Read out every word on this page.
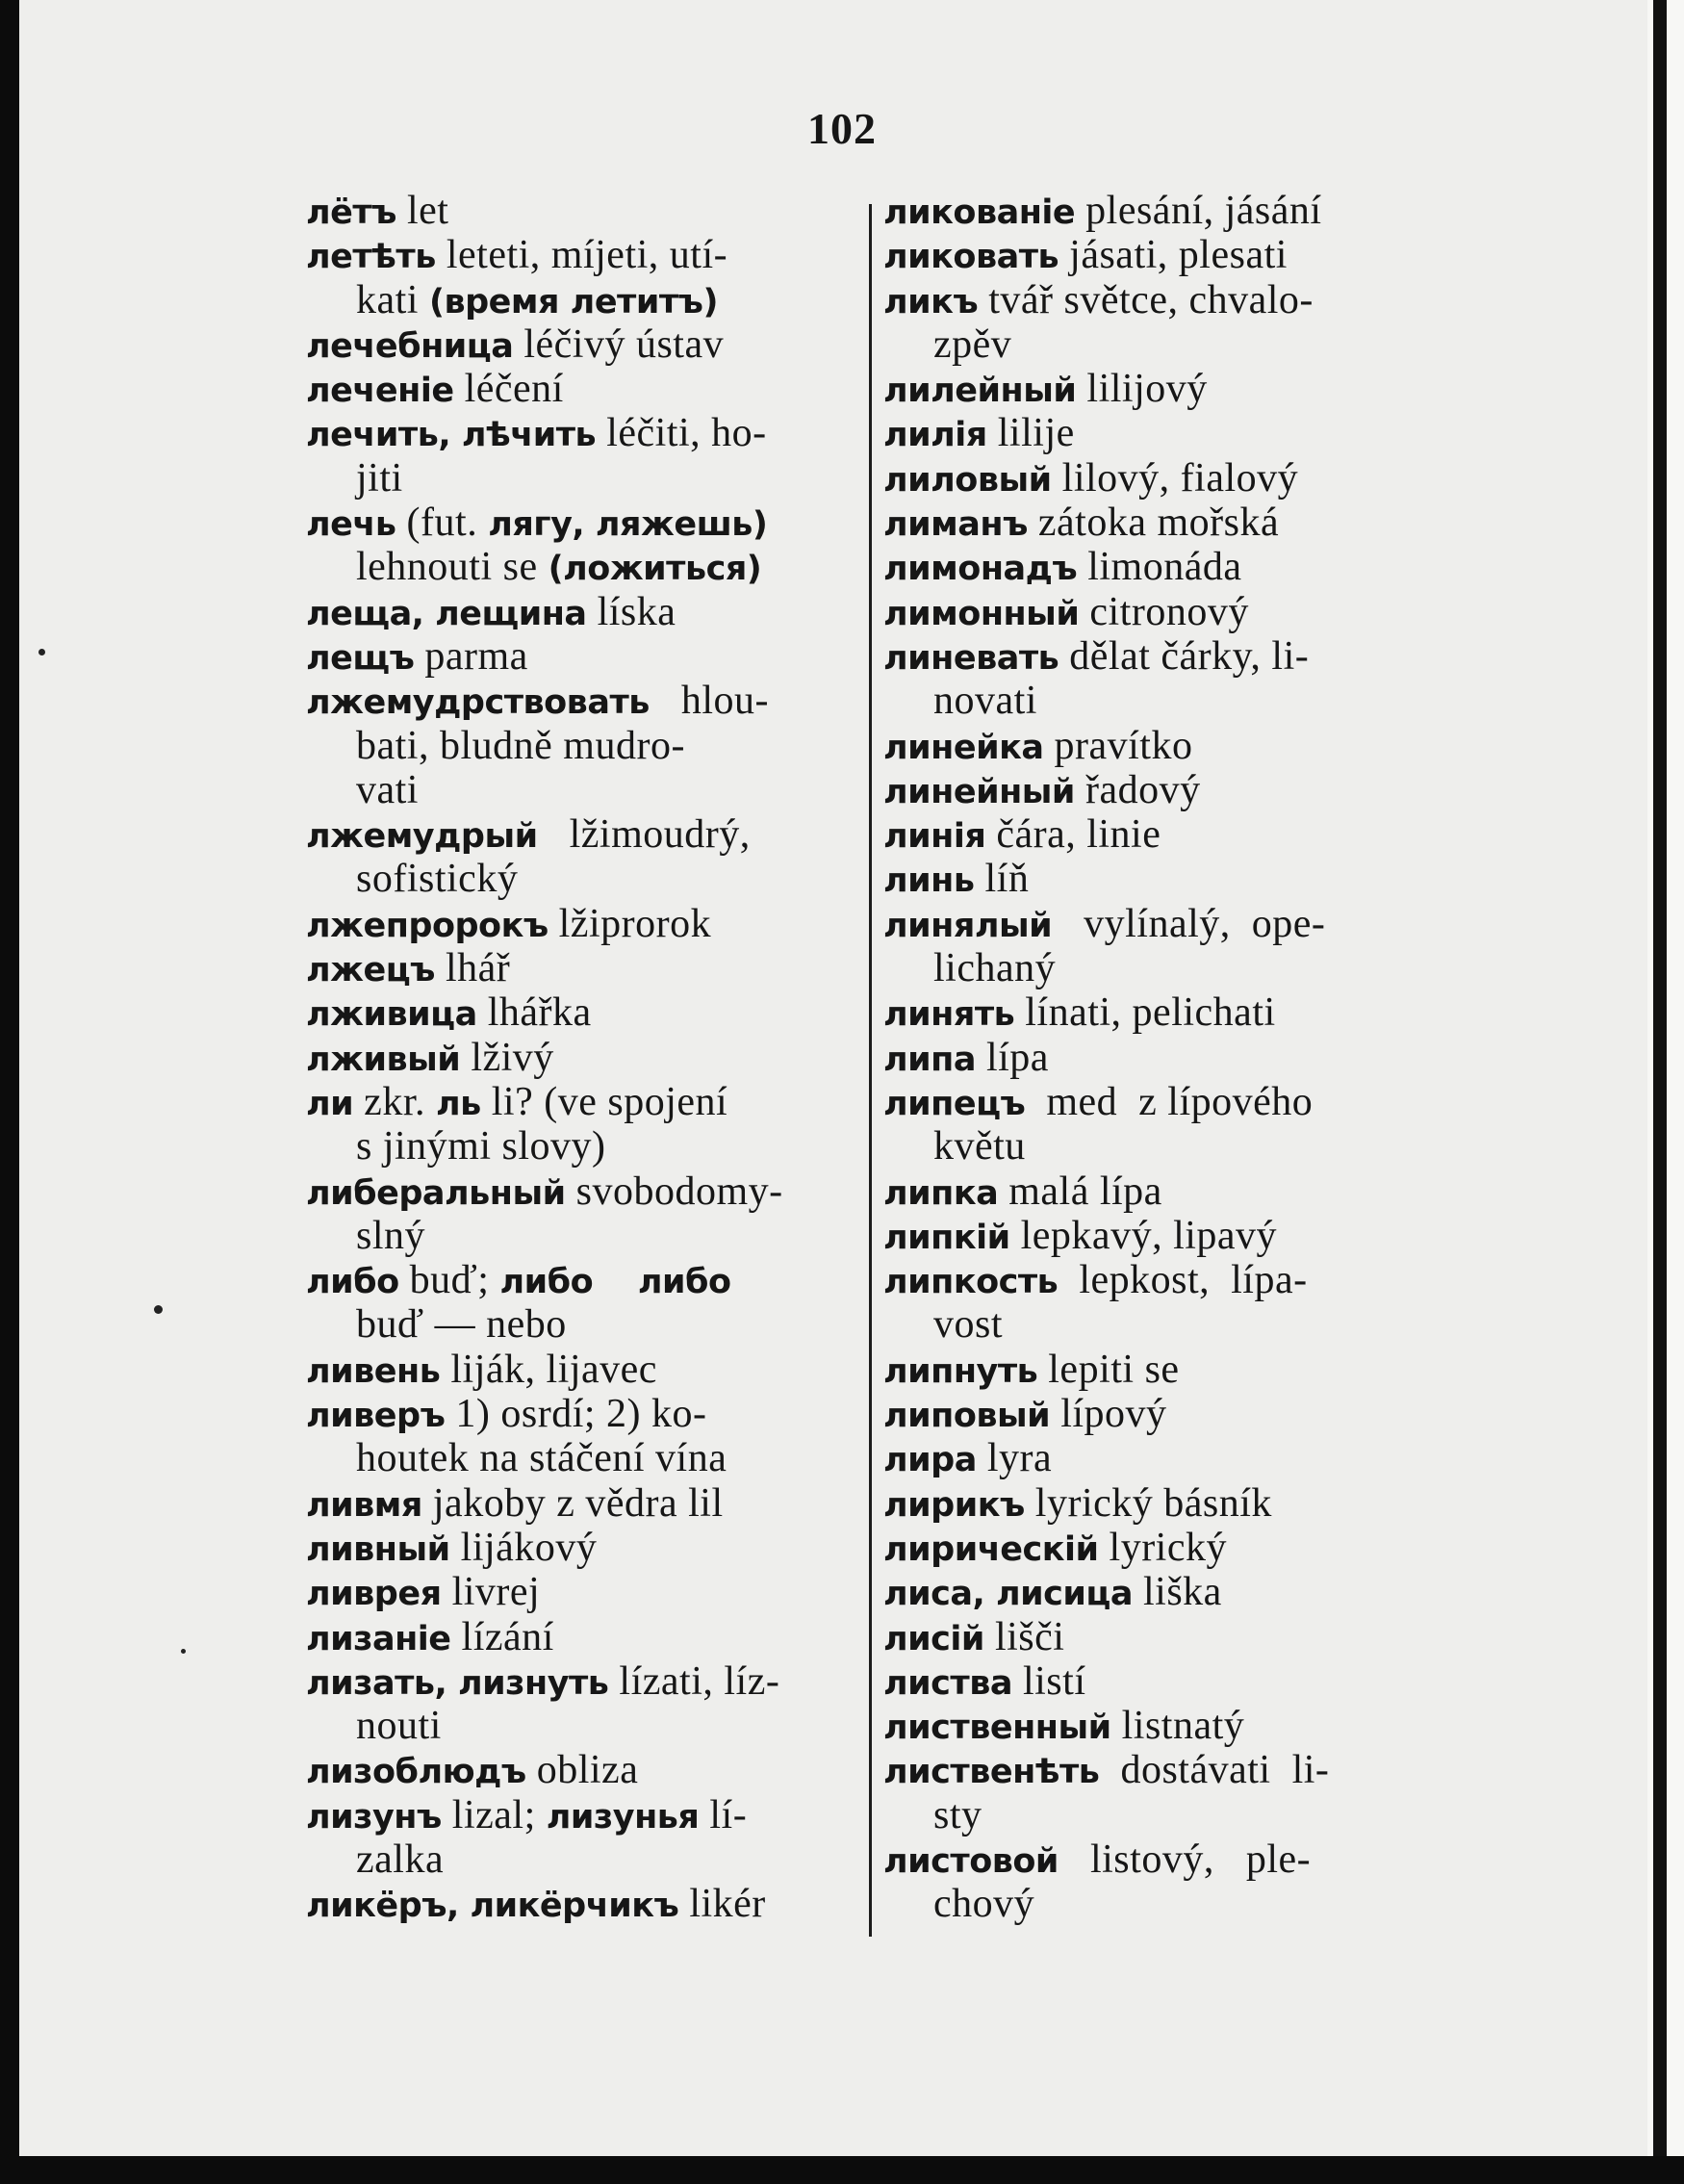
102
лётъ let
летѣть leteti, míjeti, utí-
kati (время летитъ)
лечебница léčivý ústav
леченіе léčení
лечить, лѣчить léčiti, ho-
jiti
лечь (fut. лягу, ляжешь)
lehnouti se (ложиться)
леща, лещина líska
лещъ parma
лжемудрствовать   hlou-
bati, bludně mudro-
vati
лжемудрый   lžimoudrý,
sofistický
лжепророкъ lžiprorok
лжецъ lhář
лживица lhářka
лживый lživý
ли zkr. ль li? (ve spojení
s jinými slovy)
либеральный svobodomy-
slný
либо buď; либо    либо
buď — nebo
ливень liják, lijavec
ливеръ 1) osrdí; 2) ko-
houtek na stáčení vína
ливмя jakoby z vědra lil
ливный lijákový
ливрея livrej
лизаніе lízání
лизать, лизнуть lízati, líz-
nouti
лизоблюдъ obliza
лизунъ lizal; лизунья lí-
zalka
ликёръ, ликёрчикъ likér
ликованіе plesání, jásání
ликовать jásati, plesati
ликъ tvář světce, chvalo-
zpěv
лилейный lilijový
лилія lilije
лиловый lilový, fialový
лиманъ zátoka mořská
лимонадъ limonáda
лимонный citronový
линевать dělat čárky, li-
novati
линейка pravítko
линейный řadový
линія čára, linie
линь líň
линялый   vylínalý,  ope-
lichaný
линять línati, pelichati
липа lípa
липецъ  med  z lípového
květu
липка malá lípa
липкій lepkavý, lipavý
липкость  lepkost,  lípa-
vost
липнуть lepiti se
липовый lípový
лира lyra
лирикъ lyrický básník
лирическій lyrický
лиса, лисица liška
лисій lišči
листва listí
лиственный listnatý
лиственѣть  dostávati  li-
sty
листовой   listový,   ple-
chový
